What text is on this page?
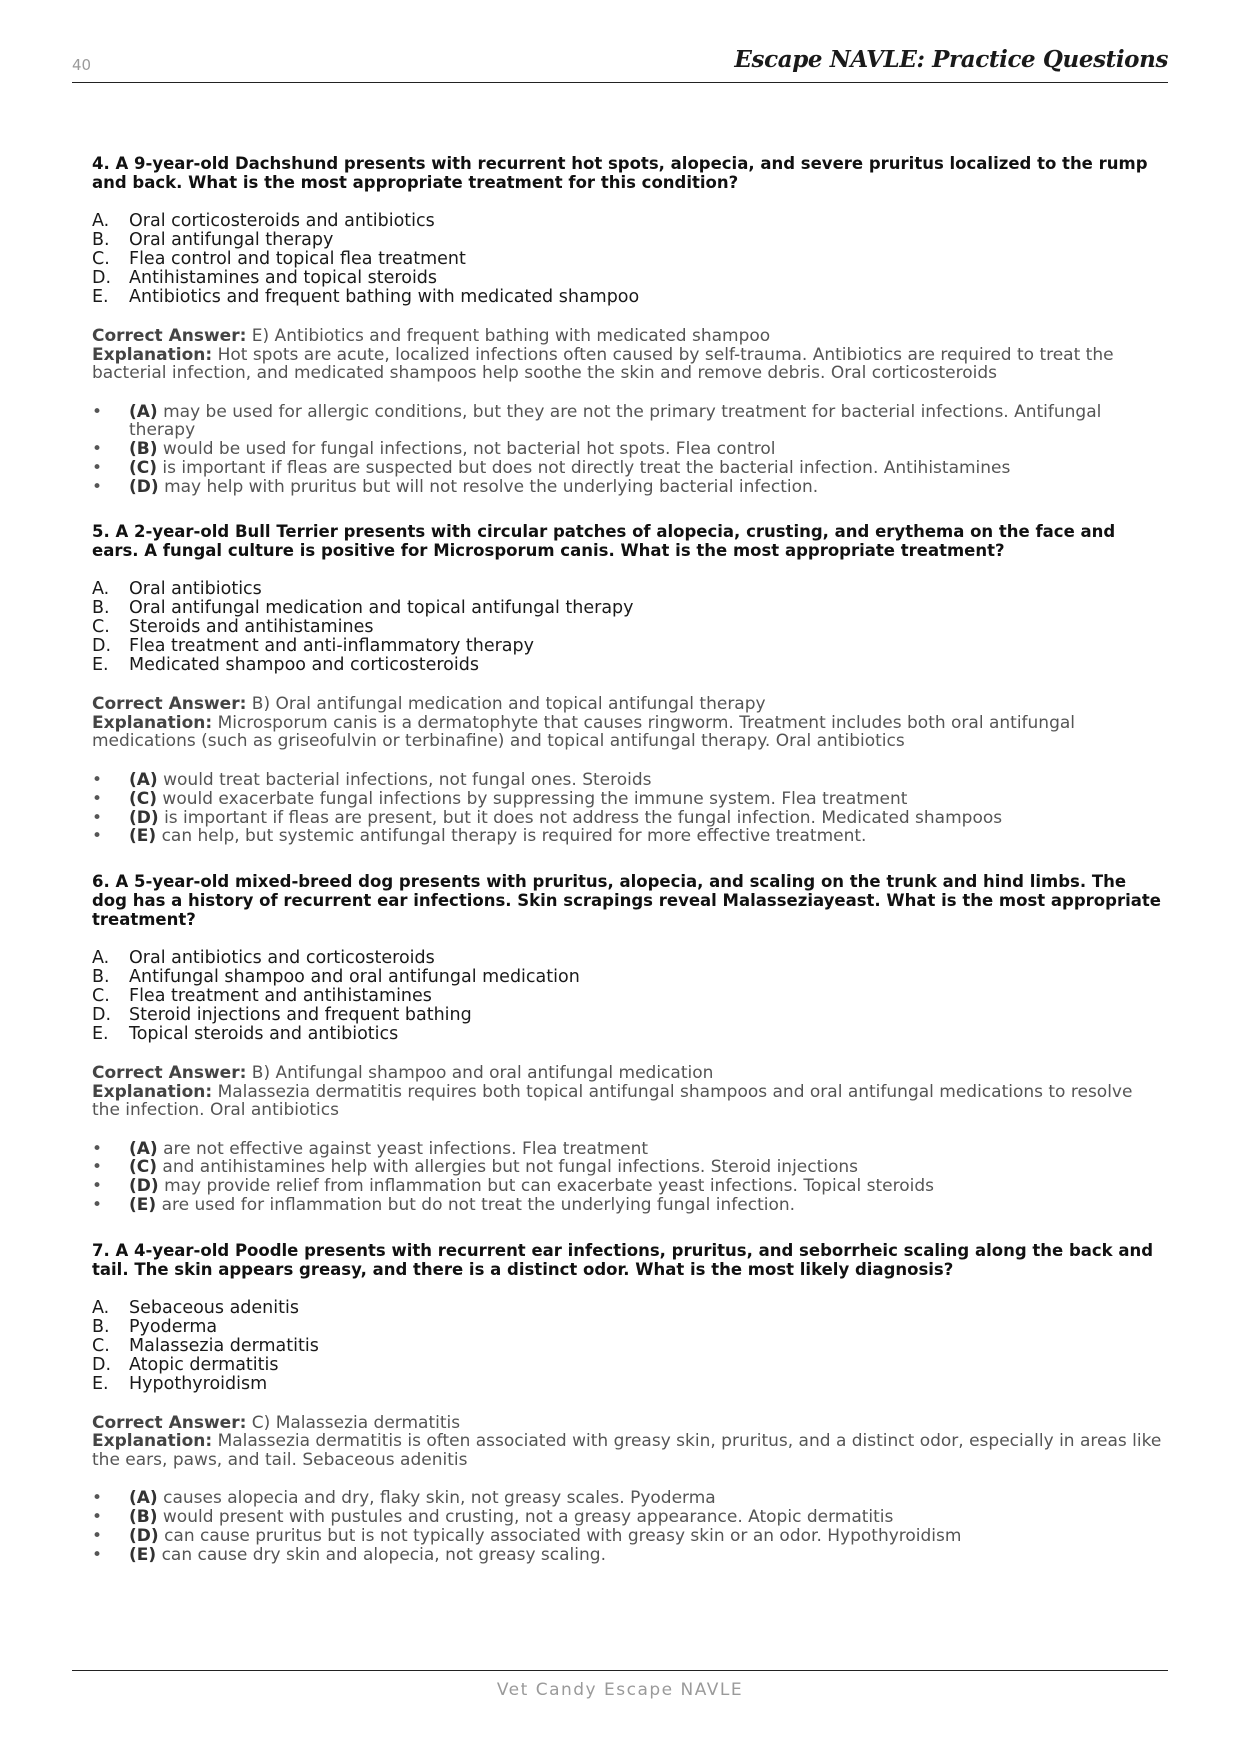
40	Escape NAVLE: Practice Questions

4. A 9-year-old Dachshund presents with recurrent hot spots, alopecia, and severe pruritus localized to the rump and back. What is the most appropriate treatment for this condition?

A.	Oral corticosteroids and antibiotics
B.	Oral antifungal therapy
C.	Flea control and topical flea treatment
D.	Antihistamines and topical steroids
E.	Antibiotics and frequent bathing with medicated shampoo
Correct Answer: E) Antibiotics and frequent bathing with medicated shampoo
Explanation: Hot spots are acute, localized infections often caused by self-trauma. Antibiotics are required to treat the bacterial infection, and medicated shampoos help soothe the skin and remove debris. Oral corticosteroids
•	(A) may be used for allergic conditions, but they are not the primary treatment for bacterial infections. Antifungal therapy
•	(B) would be used for fungal infections, not bacterial hot spots. Flea control
•	(C) is important if fleas are suspected but does not directly treat the bacterial infection. Antihistamines
•	(D) may help with pruritus but will not resolve the underlying bacterial infection.

5. A 2-year-old Bull Terrier presents with circular patches of alopecia, crusting, and erythema on the face and ears. A fungal culture is positive for Microsporum canis. What is the most appropriate treatment?

A.	Oral antibiotics
B.	Oral antifungal medication and topical antifungal therapy
C.	Steroids and antihistamines
D.	Flea treatment and anti-inflammatory therapy
E.	Medicated shampoo and corticosteroids
Correct Answer: B) Oral antifungal medication and topical antifungal therapy
Explanation: Microsporum canis is a dermatophyte that causes ringworm. Treatment includes both oral antifungal medications (such as griseofulvin or terbinafine) and topical antifungal therapy. Oral antibiotics
•	(A) would treat bacterial infections, not fungal ones. Steroids
•	(C) would exacerbate fungal infections by suppressing the immune system. Flea treatment
•	(D) is important if fleas are present, but it does not address the fungal infection. Medicated shampoos
•	(E) can help, but systemic antifungal therapy is required for more effective treatment.

6. A 5-year-old mixed-breed dog presents with pruritus, alopecia, and scaling on the trunk and hind limbs. The dog has a history of recurrent ear infections. Skin scrapings reveal Malasseziayeast. What is the most appropriate treatment?

A.	Oral antibiotics and corticosteroids
B.	Antifungal shampoo and oral antifungal medication
C.	Flea treatment and antihistamines
D.	Steroid injections and frequent bathing
E.	Topical steroids and antibiotics
Correct Answer: B) Antifungal shampoo and oral antifungal medication
Explanation: Malassezia dermatitis requires both topical antifungal shampoos and oral antifungal medications to resolve the infection. Oral antibiotics
•	(A) are not effective against yeast infections. Flea treatment
•	(C) and antihistamines help with allergies but not fungal infections. Steroid injections
•	(D) may provide relief from inflammation but can exacerbate yeast infections. Topical steroids
•	(E) are used for inflammation but do not treat the underlying fungal infection.

7. A 4-year-old Poodle presents with recurrent ear infections, pruritus, and seborrheic scaling along the back and tail. The skin appears greasy, and there is a distinct odor. What is the most likely diagnosis?

A.	Sebaceous adenitis
B.	Pyoderma
C.	Malassezia dermatitis
D.	Atopic dermatitis
E.	Hypothyroidism
Correct Answer: C) Malassezia dermatitis
Explanation: Malassezia dermatitis is often associated with greasy skin, pruritus, and a distinct odor, especially in areas like the ears, paws, and tail. Sebaceous adenitis
•	(A) causes alopecia and dry, flaky skin, not greasy scales. Pyoderma
•	(B) would present with pustules and crusting, not a greasy appearance. Atopic dermatitis
•	(D) can cause pruritus but is not typically associated with greasy skin or an odor. Hypothyroidism
•	(E) can cause dry skin and alopecia, not greasy scaling.
Vet Candy Escape NAVLE
